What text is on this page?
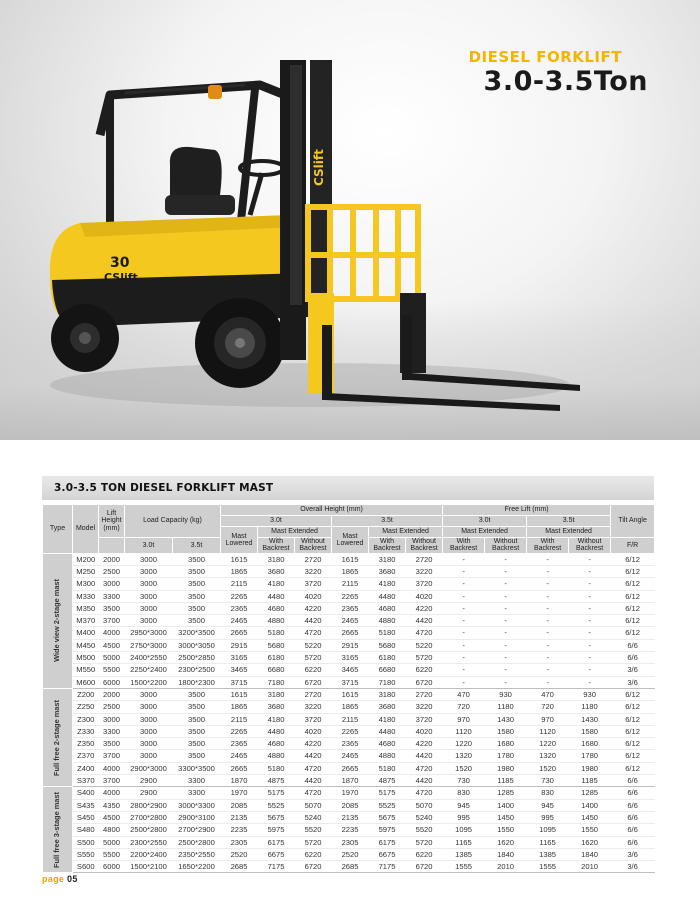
30
CSlift
CSlift
DIESEL FORKLIFT
3.0-3.5Ton
3.0-3.5 TON DIESEL FORKLIFT MAST
Type	Model	Lift Height (mm)	Load Capacity (kg)		Overall Height (mm)						Free Lift (mm)				Tilt Angle
					3.0t			3.5t			3.0t		3.5t		
					Mast Lowered	Mast Extended		Mast Lowered	Mast Extended		Mast Extended		Mast Extended		
			3.0t	3.5t		With Backrest	Without Backrest		With Backrest	Without Backrest	With Backrest	Without Backrest	With Backrest	Without Backrest	F/R

Wide view 2-stage mast	M200	2000	3000	3500	1615	3180	2720	1615	3180	2720	-	-	-	-	6/12
	M250	2500	3000	3500	1865	3680	3220	1865	3680	3220	-	-	-	-	6/12
	M300	3000	3000	3500	2115	4180	3720	2115	4180	3720	-	-	-	-	6/12
	M330	3300	3000	3500	2265	4480	4020	2265	4480	4020	-	-	-	-	6/12
	M350	3500	3000	3500	2365	4680	4220	2365	4680	4220	-	-	-	-	6/12
	M370	3700	3000	3500	2465	4880	4420	2465	4880	4420	-	-	-	-	6/12
	M400	4000	2950*3000	3200*3500	2665	5180	4720	2665	5180	4720	-	-	-	-	6/12
	M450	4500	2750*3000	3000*3050	2915	5680	5220	2915	5680	5220	-	-	-	-	6/6
	M500	5000	2400*2550	2500*2850	3165	6180	5720	3165	6180	5720	-	-	-	-	6/6
	M550	5500	2250*2400	2300*2500	3465	6680	6220	3465	6680	6220	-	-	-	-	3/6
	M600	6000	1500*2200	1800*2300	3715	7180	6720	3715	7180	6720	-	-	-	-	3/6

Full free 2-stage mast	Z200	2000	3000	3500	1615	3180	2720	1615	3180	2720	470	930	470	930	6/12
	Z250	2500	3000	3500	1865	3680	3220	1865	3680	3220	720	1180	720	1180	6/12
	Z300	3000	3000	3500	2115	4180	3720	2115	4180	3720	970	1430	970	1430	6/12
	Z330	3300	3000	3500	2265	4480	4020	2265	4480	4020	1120	1580	1120	1580	6/12
	Z350	3500	3000	3500	2365	4680	4220	2365	4680	4220	1220	1680	1220	1680	6/12
	Z370	3700	3000	3500	2465	4880	4420	2465	4880	4420	1320	1780	1320	1780	6/12
	Z400	4000	2900*3000	3300*3500	2665	5180	4720	2665	5180	4720	1520	1980	1520	1980	6/12
	S370	3700	2900	3300	1870	4875	4420	1870	4875	4420	730	1185	730	1185	6/6

Full free 3-stage mast	S400	4000	2900	3300	1970	5175	4720	1970	5175	4720	830	1285	830	1285	6/6
	S435	4350	2800*2900	3000*3300	2085	5525	5070	2085	5525	5070	945	1400	945	1400	6/6
	S450	4500	2700*2800	2900*3100	2135	5675	5240	2135	5675	5240	995	1450	995	1450	6/6
	S480	4800	2500*2800	2700*2900	2235	5975	5520	2235	5975	5520	1095	1550	1095	1550	6/6
	S500	5000	2300*2550	2500*2800	2305	6175	5720	2305	6175	5720	1165	1620	1165	1620	6/6
	S550	5500	2200*2400	2350*2550	2520	6675	6220	2520	6675	6220	1385	1840	1385	1840	3/6
	S600	6000	1500*2100	1650*2200	2685	7175	6720	2685	7175	6720	1555	2010	1555	2010	3/6
page 05
